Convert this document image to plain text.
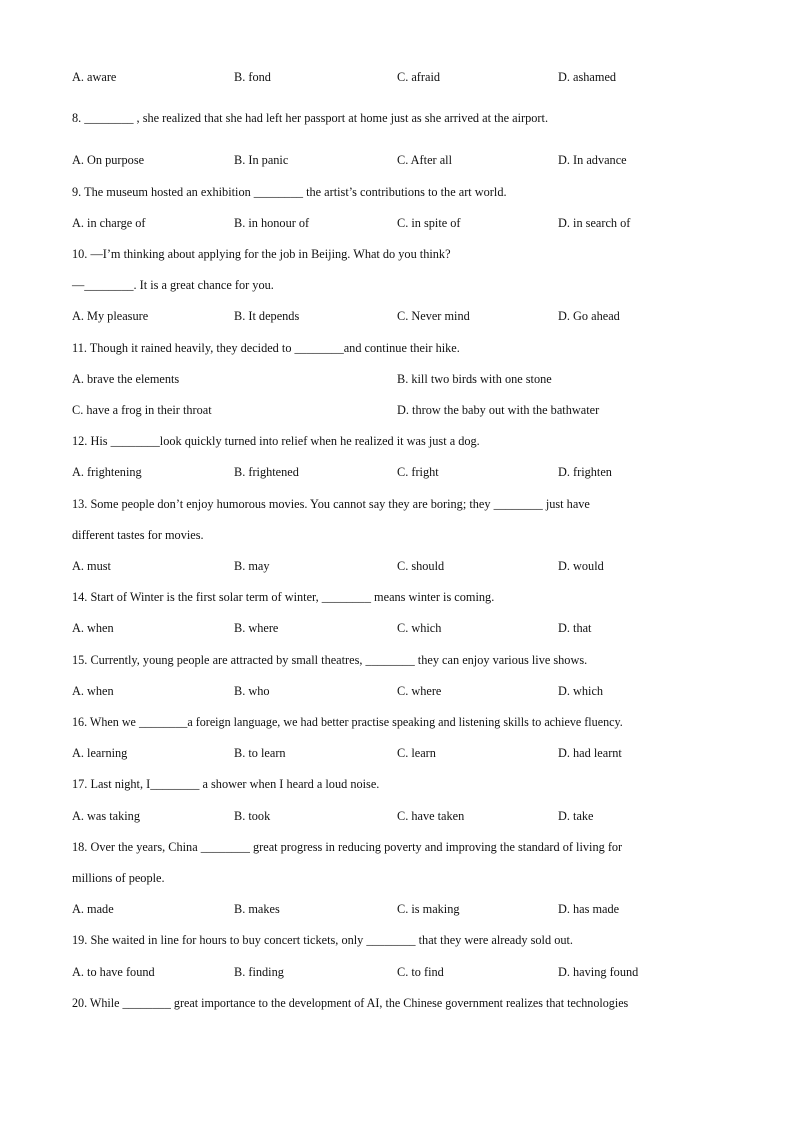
A. aware	B. fond	C. afraid	D. ashamed
8. ________ , she realized that she had left her passport at home just as she arrived at the airport.
A. On purpose	B. In panic	C. After all	D. In advance
9. The museum hosted an exhibition ________ the artist’s contributions to the art world.
A. in charge of	B. in honour of	C. in spite of	D. in search of
10. —I’m thinking about applying for the job in Beijing. What do you think?
—________. It is a great chance for you.
A. My pleasure	B. It depends	C. Never mind	D. Go ahead
11. Though it rained heavily, they decided to ________and continue their hike.
A. brave the elements	B. kill two birds with one stone
C. have a frog in their throat	D. throw the baby out with the bathwater
12. His ________look quickly turned into relief when he realized it was just a dog.
A. frightening	B. frightened	C. fright	D. frighten
13. Some people don’t enjoy humorous movies. You cannot say they are boring; they ________ just have
different tastes for movies.
A. must	B. may	C. should	D. would
14. Start of Winter is the first solar term of winter, ________ means winter is coming.
A. when	B. where	C. which	D. that
15. Currently, young people are attracted by small theatres, ________ they can enjoy various live shows.
A. when	B. who	C. where	D. which
16. When we ________a foreign language, we had better practise speaking and listening skills to achieve fluency.
A. learning	B. to learn	C. learn	D. had learnt
17. Last night, I________ a shower when I heard a loud noise.
A. was taking	B. took	C. have taken	D. take
18. Over the years, China ________ great progress in reducing poverty and improving the standard of living for
millions of people.
A. made	B. makes	C. is making	D. has made
19. She waited in line for hours to buy concert tickets, only ________ that they were already sold out.
A. to have found	B. finding	C. to find	D. having found
20. While ________ great importance to the development of AI, the Chinese government realizes that technologies
